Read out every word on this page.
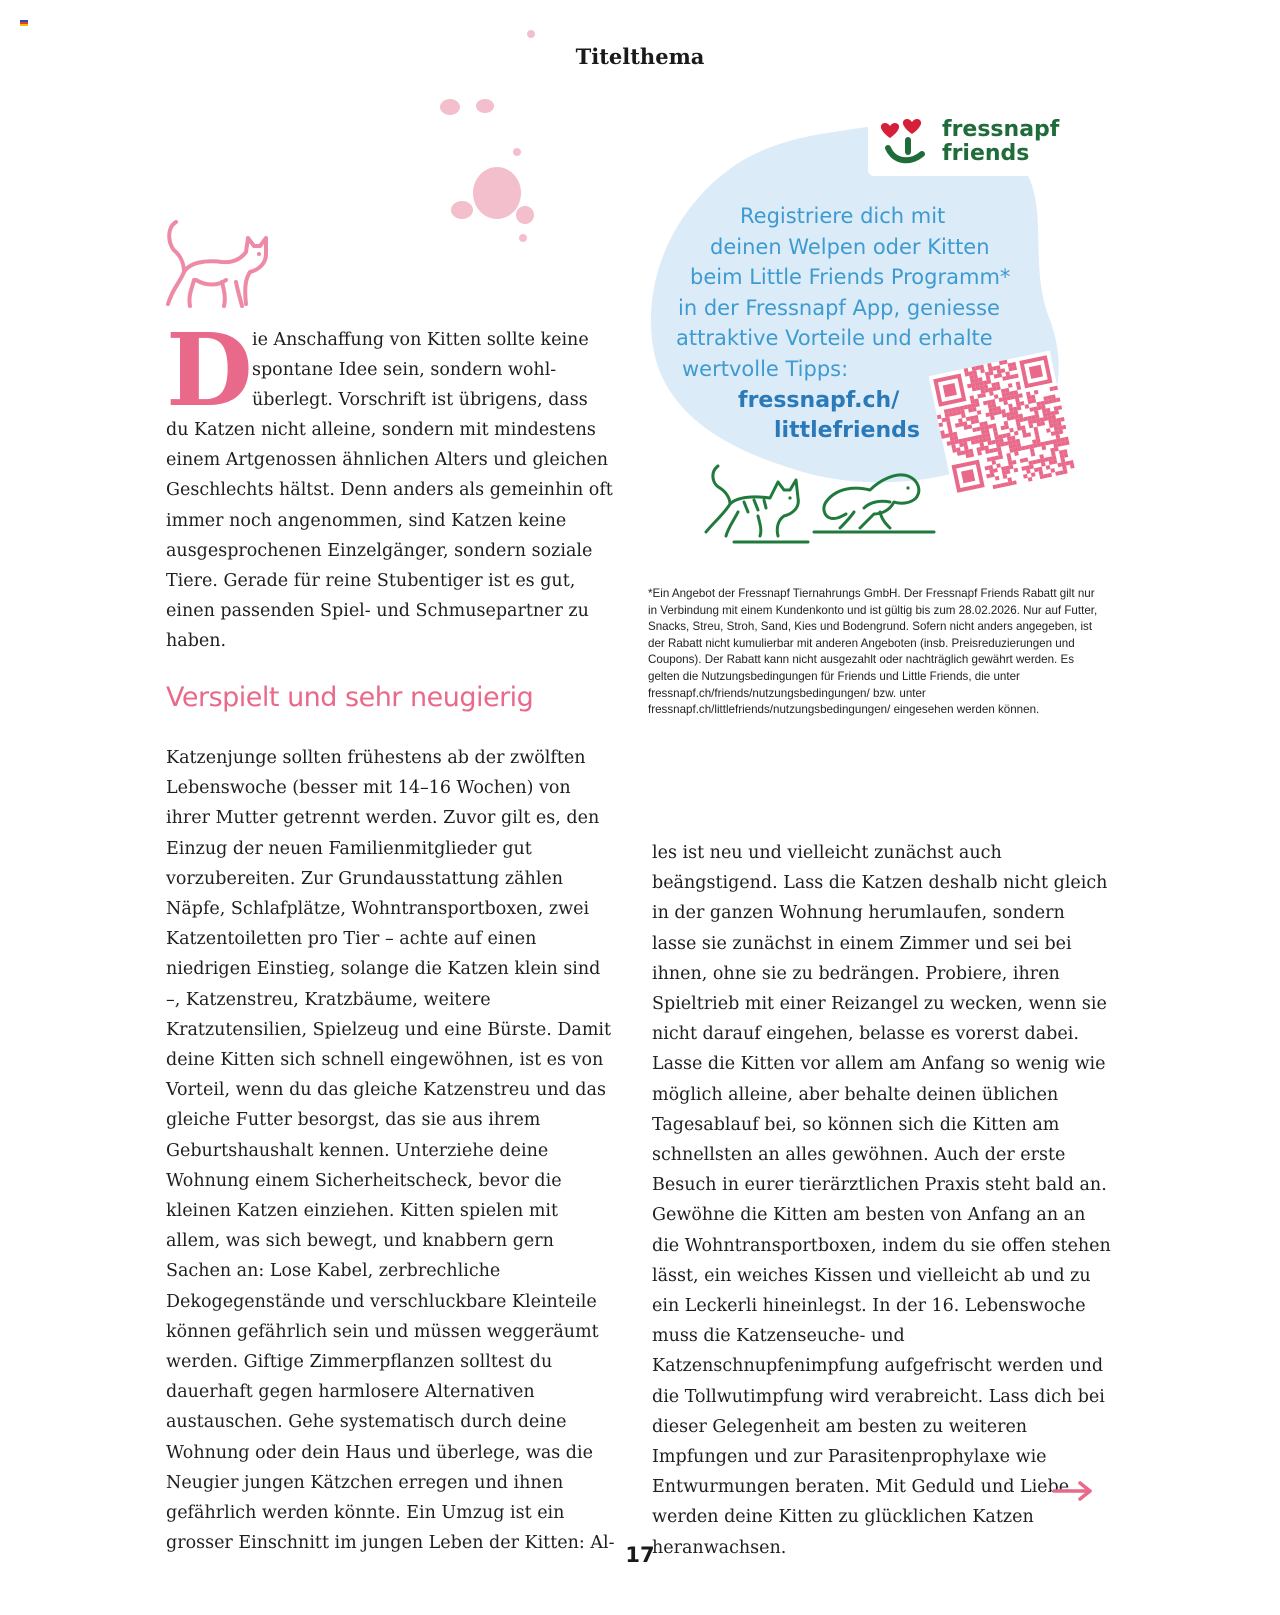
Titelthema
D ie Anschaffung von Kitten sollte keine spontane Idee sein, sondern wohlüberlegt. Vorschrift ist übrigens, dass

du Katzen nicht alleine, sondern mit mindestens einem Artgenossen ähnlichen Alters und gleichen Geschlechts hältst. Denn anders als gemeinhin oft immer noch angenommen, sind Katzen keine ausgesprochenen Einzelgänger, sondern soziale Tiere. Gerade für reine Stubentiger ist es gut, einen passenden Spiel- und Schmusepartner zu haben.

Verspielt und sehr neugierig

Katzenjunge sollten frühestens ab der zwölften Lebenswoche (besser mit 14–16 Wochen) von ihrer Mutter getrennt werden. Zuvor gilt es, den Einzug der neuen Familienmitglieder gut vorzubereiten. Zur Grundausstattung zählen Näpfe, Schlafplätze, Wohntransportboxen, zwei Katzentoiletten pro Tier – achte auf einen niedrigen Einstieg, solange die Katzen klein sind –, Katzenstreu, Kratzbäume, weitere Kratzutensilien, Spielzeug und eine Bürste. Damit deine Kitten sich schnell eingewöhnen, ist es von Vorteil, wenn du das gleiche Katzenstreu und das gleiche Futter besorgst, das sie aus ihrem Geburtshaushalt kennen. Unterziehe deine Wohnung einem Sicherheitscheck, bevor die kleinen Katzen einziehen. Kitten spielen mit allem, was sich bewegt, und knabbern gern Sachen an: Lose Kabel, zerbrechliche Dekogegenstände und verschluckbare Kleinteile können gefährlich sein und müssen weggeräumt werden. Giftige Zimmerpflanzen solltest du dauerhaft gegen harmlosere Alternativen austauschen. Gehe systematisch durch deine Wohnung oder dein Haus und überlege, was die Neugier jungen Kätzchen erregen und ihnen gefährlich werden könnte. Ein Umzug ist ein grosser Einschnitt im jungen Leben der Kitten: Al-

les ist neu und vielleicht zunächst auch beängstigend. Lass die Katzen deshalb nicht gleich in der ganzen Wohnung herumlaufen, sondern lasse sie zunächst in einem Zimmer und sei bei ihnen, ohne sie zu bedrängen. Probiere, ihren Spieltrieb mit einer Reizangel zu wecken, wenn sie nicht darauf eingehen, belasse es vorerst dabei. Lasse die Kitten vor allem am Anfang so wenig wie möglich alleine, aber behalte deinen üblichen Tagesablauf bei, so können sich die Kitten am schnellsten an alles gewöhnen. Auch der erste Besuch in eurer tierärztlichen Praxis steht bald an. Gewöhne die Kitten am besten von Anfang an an die Wohntransportboxen, indem du sie offen stehen lässt, ein weiches Kissen und vielleicht ab und zu ein Leckerli hineinlegst. In der 16. Lebenswoche muss die Katzenseuche- und Katzenschnupfenimpfung aufgefrischt werden und die Tollwutimpfung wird verabreicht. Lass dich bei dieser Gelegenheit am besten zu weiteren Impfungen und zur Parasitenprophylaxe wie Entwurmungen beraten. Mit Geduld und Liebe werden deine Kitten zu glücklichen Katzen heranwachsen.

fressnapf
friends
Registriere dich mit
deinen Welpen oder Kitten
beim Little Friends Programm*
in der Fressnapf App, geniesse
attraktive Vorteile und erhalte
wertvolle Tipps:
fressnapf.ch/
littlefriends
*Ein Angebot der Fressnapf Tiernahrungs GmbH. Der Fressnapf Friends Rabatt gilt nur in Verbindung mit einem Kundenkonto und ist gültig bis zum 28.02.2026. Nur auf Futter, Snacks, Streu, Stroh, Sand, Kies und Bodengrund. Sofern nicht anders angegeben, ist der Rabatt nicht kumulierbar mit anderen Angeboten (insb. Preisreduzierungen und Coupons). Der Rabatt kann nicht ausgezahlt oder nachträglich gewährt werden. Es gelten die Nutzungsbedingungen für Friends und Little Friends, die unter fressnapf.ch/friends/nutzungsbedingungen/ bzw. unter fressnapf.ch/littlefriends/nutzungsbedingungen/ eingesehen werden können.
17
